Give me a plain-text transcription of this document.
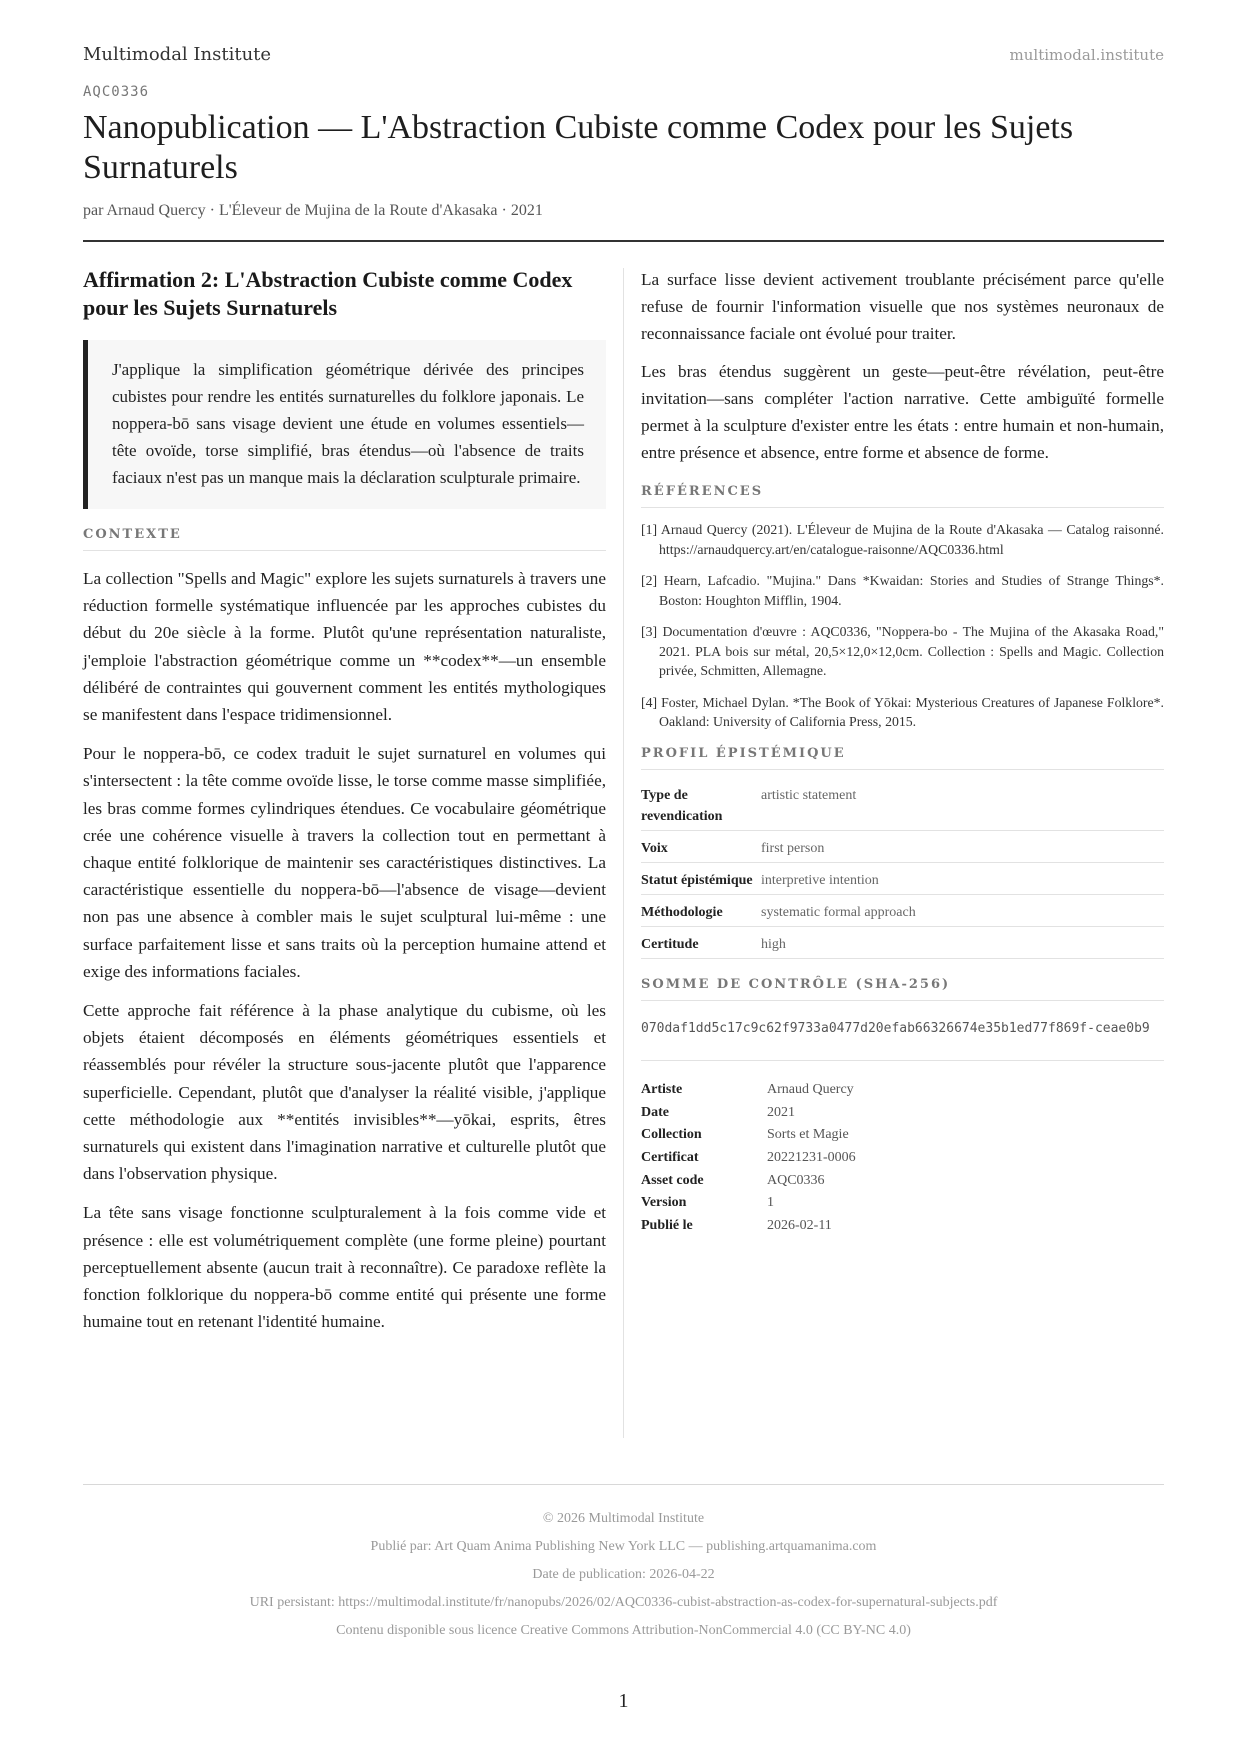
Multimodal Institute	multimodal.institute
AQC0336
Nanopublication — L'Abstraction Cubiste comme Codex pour les Sujets Surnaturels
par Arnaud Quercy · L'Éleveur de Mujina de la Route d'Akasaka · 2021
Affirmation 2: L'Abstraction Cubiste comme Codex pour les Sujets Surnaturels
J'applique la simplification géométrique dérivée des principes cubistes pour rendre les entités surnaturelles du folklore japonais. Le noppera-bō sans visage devient une étude en volumes essentiels—tête ovoïde, torse simplifié, bras étendus—où l'absence de traits faciaux n'est pas un manque mais la déclaration sculpturale primaire.
CONTEXTE

La collection "Spells and Magic" explore les sujets surnaturels à travers une réduction formelle systématique influencée par les approches cubistes du début du 20e siècle à la forme. Plutôt qu'une représentation naturaliste, j'emploie l'abstraction géométrique comme un **codex**—un ensemble délibéré de contraintes qui gouvernent comment les entités mythologiques se manifestent dans l'espace tridimensionnel.

Pour le noppera-bō, ce codex traduit le sujet surnaturel en volumes qui s'intersectent : la tête comme ovoïde lisse, le torse comme masse simplifiée, les bras comme formes cylindriques étendues. Ce vocabulaire géométrique crée une cohérence visuelle à travers la collection tout en permettant à chaque entité folklorique de maintenir ses caractéristiques distinctives. La caractéristique essentielle du noppera-bō—l'absence de visage—devient non pas une absence à combler mais le sujet sculptural lui-même : une surface parfaitement lisse et sans traits où la perception humaine attend et exige des informations faciales.

Cette approche fait référence à la phase analytique du cubisme, où les objets étaient décomposés en éléments géométriques essentiels et réassemblés pour révéler la structure sous-jacente plutôt que l'apparence superficielle. Cependant, plutôt que d'analyser la réalité visible, j'applique cette méthodologie aux **entités invisibles**—yōkai, esprits, êtres surnaturels qui existent dans l'imagination narrative et culturelle plutôt que dans l'observation physique.

La tête sans visage fonctionne sculpturalement à la fois comme vide et présence : elle est volumétriquement complète (une forme pleine) pourtant perceptuellement absente (aucun trait à reconnaître). Ce paradoxe reflète la fonction folklorique du noppera-bō comme entité qui présente une forme humaine tout en retenant l'identité humaine.

La surface lisse devient activement troublante précisément parce qu'elle refuse de fournir l'information visuelle que nos systèmes neuronaux de reconnaissance faciale ont évolué pour traiter.

Les bras étendus suggèrent un geste—peut-être révélation, peut-être invitation—sans compléter l'action narrative. Cette ambiguïté formelle permet à la sculpture d'exister entre les états : entre humain et non-humain, entre présence et absence, entre forme et absence de forme.

RÉFÉRENCES
[1] Arnaud Quercy (2021). L'Éleveur de Mujina de la Route d'Akasaka — Catalog raisonné. https://arnaudquercy.art/en/catalogue-raisonne/AQC0336.html
[2] Hearn, Lafcadio. "Mujina." Dans *Kwaidan: Stories and Studies of Strange Things*. Boston: Houghton Mifflin, 1904.
[3] Documentation d'œuvre : AQC0336, "Noppera-bo - The Mujina of the Akasaka Road," 2021. PLA bois sur métal, 20,5×12,0×12,0cm. Collection : Spells and Magic. Collection privée, Schmitten, Allemagne.
[4] Foster, Michael Dylan. *The Book of Yōkai: Mysterious Creatures of Japanese Folklore*. Oakland: University of California Press, 2015.
PROFIL ÉPISTÉMIQUE
Type de revendication	artistic statement
Voix	first person
Statut épistémique	interpretive intention
Méthodologie	systematic formal approach
Certitude	high
SOMME DE CONTRÔLE (SHA-256)
070daf1dd5c17c9c62f9733a0477d20efab66326674e35b1ed77f869f-ceae0b9
Artiste	Arnaud Quercy
Date	2021
Collection	Sorts et Magie
Certificat	20221231-0006
Asset code	AQC0336
Version	1
Publié le	2026-02-11
© 2026 Multimodal Institute
Publié par: Art Quam Anima Publishing New York LLC — publishing.artquamanima.com
Date de publication: 2026-04-22
URI persistant: https://multimodal.institute/fr/nanopubs/2026/02/AQC0336-cubist-abstraction-as-codex-for-supernatural-subjects.pdf
Contenu disponible sous licence Creative Commons Attribution-NonCommercial 4.0 (CC BY-NC 4.0)
1
